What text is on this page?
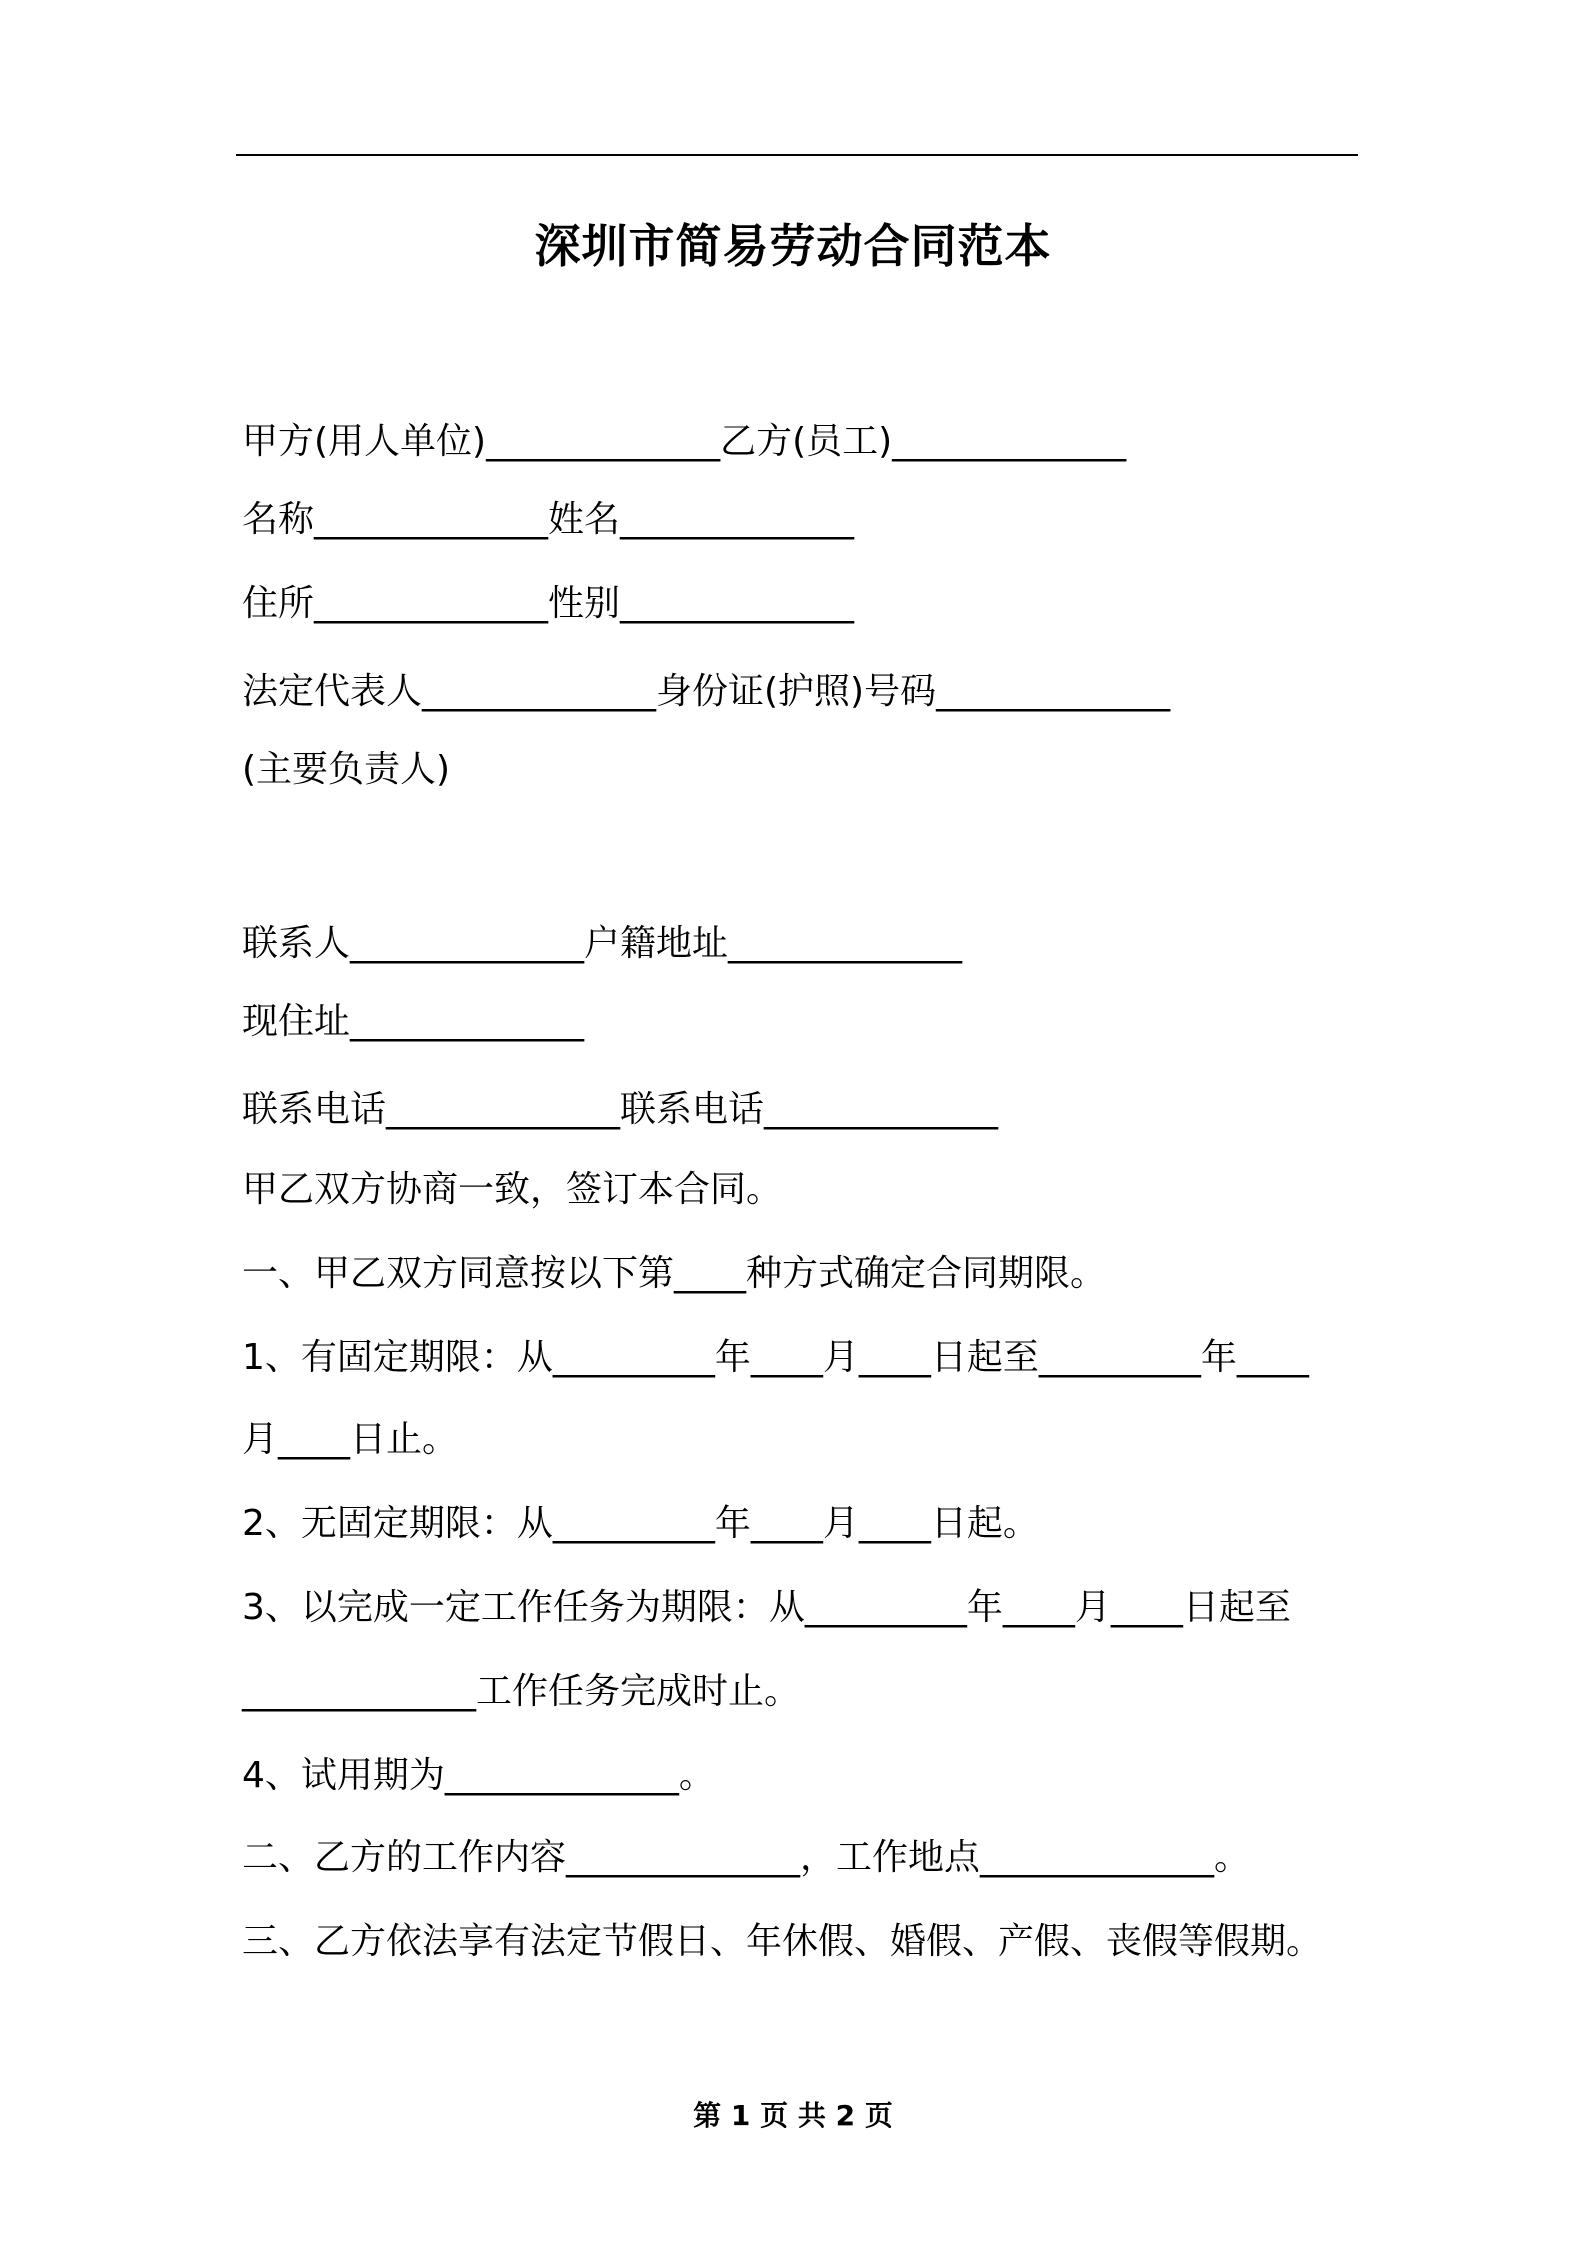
深圳市简易劳动合同范本
甲方(用人单位)_____________乙方(员工)_____________
名称_____________姓名_____________
住所_____________性别_____________
法定代表人_____________身份证(护照)号码_____________
(主要负责人)
联系人_____________户籍地址_____________
现住址_____________
联系电话_____________联系电话_____________
甲乙双方协商一致，签订本合同。
一、甲乙双方同意按以下第____种方式确定合同期限。
1、有固定期限：从_________年____月____日起至_________年____
月____日止。
2、无固定期限：从_________年____月____日起。
3、以完成一定工作任务为期限：从_________年____月____日起至
_____________工作任务完成时止。
4、试用期为_____________。
二、乙方的工作内容_____________，工作地点_____________。
三、乙方依法享有法定节假日、年休假、婚假、产假、丧假等假期。
第 1 页 共 2 页
